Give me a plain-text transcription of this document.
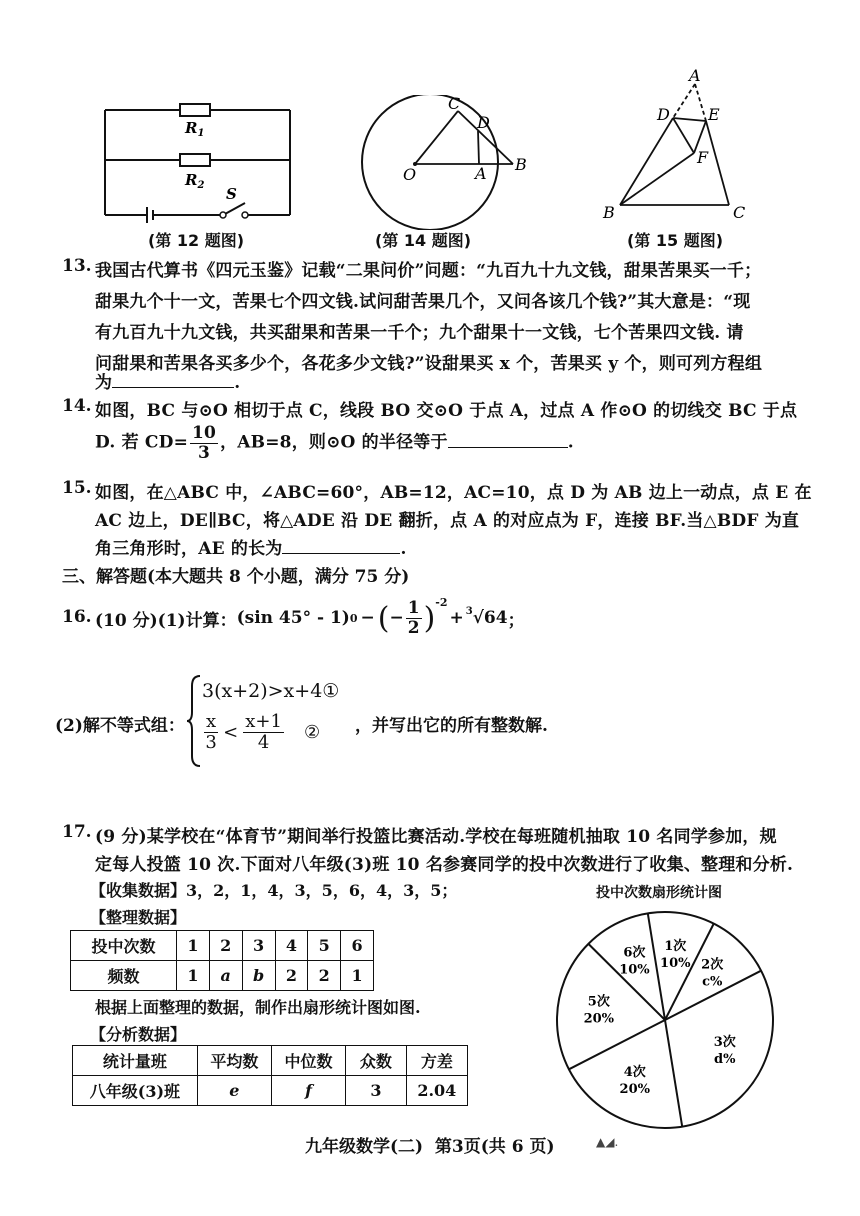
$R_1$
$R_2$ S
(第 12 题图)
C
D
O	A B
(第 14 题图)
A
D E
F
B	C
(第 15 题图)
13. 我国古代算书《四元玉鉴》记载“二果问价”问题：“九百九十九文钱，甜果苦果买一千；
甜果九个十一文，苦果七个四文钱.试问甜苦果几个，又问各该几个钱?”其大意是：“现
有九百九十九文钱，共买甜果和苦果一千个；九个甜果十一文钱，七个苦果四文钱. 请
问甜果和苦果各买多少个，各花多少文钱?”设甜果买 x 个，苦果买 y 个，则可列方程组
为	.
14. 如图，BC 与⊙O 相切于点 C，线段 BO 交⊙O 于点 A，过点 A 作⊙O 的切线交 BC 于点
D. 若 $CD= \frac{10}{3}$ ，AB=8，则⊙O 的半径等于	.
15. 如图，在△ABC 中，∠ABC=60°，AB=12，AC=10，点 D 为 AB 边上一动点，点 E 在
AC 边上，DE∥BC，将△ADE 沿 DE 翻折，点 A 的对应点为 F，连接 BF.当△BDF 为直
角三角形时，AE 的长为	.
三、解答题(本大题共 8 个小题，满分 75 分)
16. (10 分)(1)计算： (sin 45° - 1) 0 − ( − $\frac{1}{2} )^{-2}$
+$^3$ √64 ；
(2)解不等式组：
3(x+2)>x+4①
$\frac{x}{3} < \frac{x+1}{4}$ ② ，并写出它的所有整数解.
17. (9 分)某学校在“体育节”期间举行投篮比赛活动.学校在每班随机抽取 10 名同学参加，规
定每人投篮 10 次.下面对八年级(3)班 10 名参赛同学的投中次数进行了收集、整理和分析.
【收集数据】3，2，1，4，3，5，6，4，3，5；
【整理数据】
投中次数	1	2	3	4	5	6
频数	1	a	b	2	2	1
根据上面整理的数据，制作出扇形统计图如图.
【分析数据】
统计量班	平均数	中位数	众数	方差
八年级(3)班	e	f	3	2.04
投中次数扇形统计图
1次
10% 2次
c%
3次
d%
4次
20%
5次
20%
6次
10%
九年级数学(二)  第3页(共 6 页)	▲◢.
